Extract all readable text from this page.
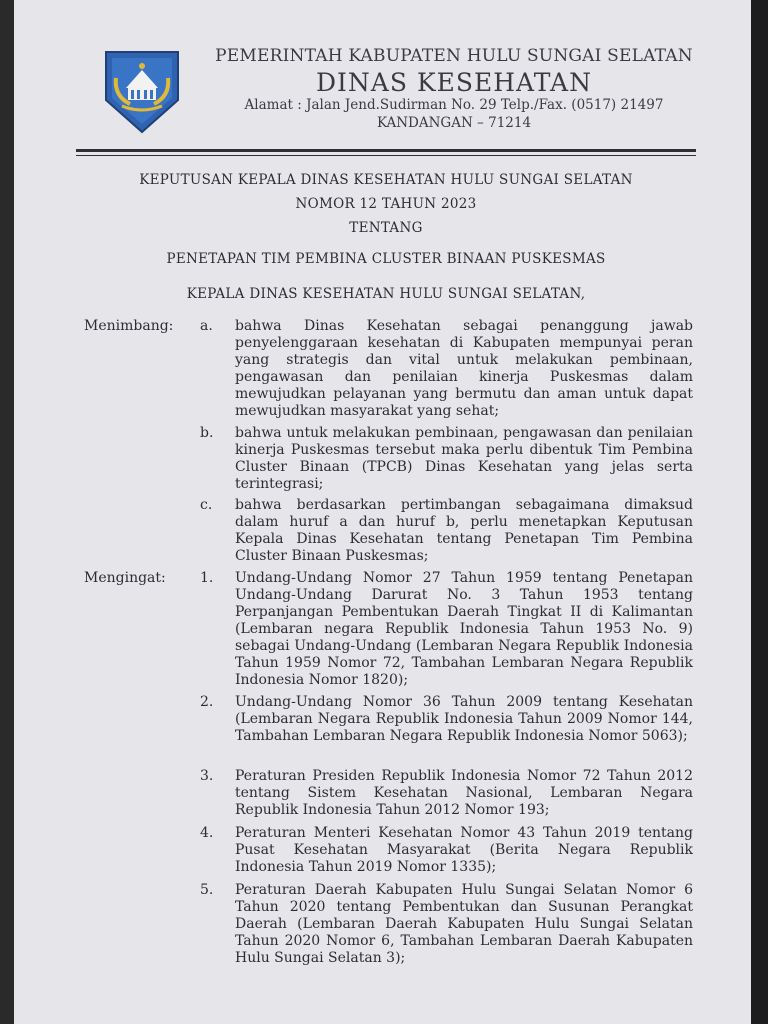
PEMERINTAH KABUPATEN HULU SUNGAI SELATAN
DINAS KESEHATAN
Alamat : Jalan Jend.Sudirman No. 29 Telp./Fax. (0517) 21497
KANDANGAN – 71214
KEPUTUSAN KEPALA DINAS KESEHATAN HULU SUNGAI SELATAN
NOMOR 12 TAHUN 2023
TENTANG
PENETAPAN TIM PEMBINA CLUSTER BINAAN PUSKESMAS
KEPALA DINAS KESEHATAN HULU SUNGAI SELATAN,
Menimbang: a.	bahwa Dinas Kesehatan sebagai penanggung jawab penyelenggaraan kesehatan di Kabupaten mempunyai peran yang strategis dan vital untuk melakukan pembinaan, pengawasan dan penilaian kinerja Puskesmas dalam mewujudkan pelayanan yang bermutu dan aman untuk dapat mewujudkan masyarakat yang sehat;
b.	bahwa untuk melakukan pembinaan, pengawasan dan penilaian kinerja Puskesmas tersebut maka perlu dibentuk Tim Pembina Cluster Binaan (TPCB) Dinas Kesehatan yang jelas serta terintegrasi;
c.	bahwa berdasarkan pertimbangan sebagaimana dimaksud dalam huruf a dan huruf b, perlu menetapkan Keputusan Kepala Dinas Kesehatan tentang Penetapan Tim Pembina Cluster Binaan Puskesmas;
Mengingat: 1.	Undang-Undang Nomor 27 Tahun 1959 tentang Penetapan Undang-Undang Darurat No. 3 Tahun 1953 tentang Perpanjangan Pembentukan Daerah Tingkat II di Kalimantan (Lembaran negara Republik Indonesia Tahun 1953 No. 9) sebagai Undang-Undang (Lembaran Negara Republik Indonesia Tahun 1959 Nomor 72, Tambahan Lembaran Negara Republik Indonesia Nomor 1820);
2.	Undang-Undang Nomor 36 Tahun 2009 tentang Kesehatan (Lembaran Negara Republik Indonesia Tahun 2009 Nomor 144, Tambahan Lembaran Negara Republik Indonesia Nomor 5063);
3.	Peraturan Presiden Republik Indonesia Nomor 72 Tahun 2012 tentang Sistem Kesehatan Nasional, Lembaran Negara Republik Indonesia Tahun 2012 Nomor 193;
4.	Peraturan Menteri Kesehatan Nomor 43 Tahun 2019 tentang Pusat Kesehatan Masyarakat (Berita Negara Republik Indonesia Tahun 2019 Nomor 1335);
5.	Peraturan Daerah Kabupaten Hulu Sungai Selatan Nomor 6 Tahun 2020 tentang Pembentukan dan Susunan Perangkat Daerah (Lembaran Daerah Kabupaten Hulu Sungai Selatan Tahun 2020 Nomor 6, Tambahan Lembaran Daerah Kabupaten Hulu Sungai Selatan 3);
